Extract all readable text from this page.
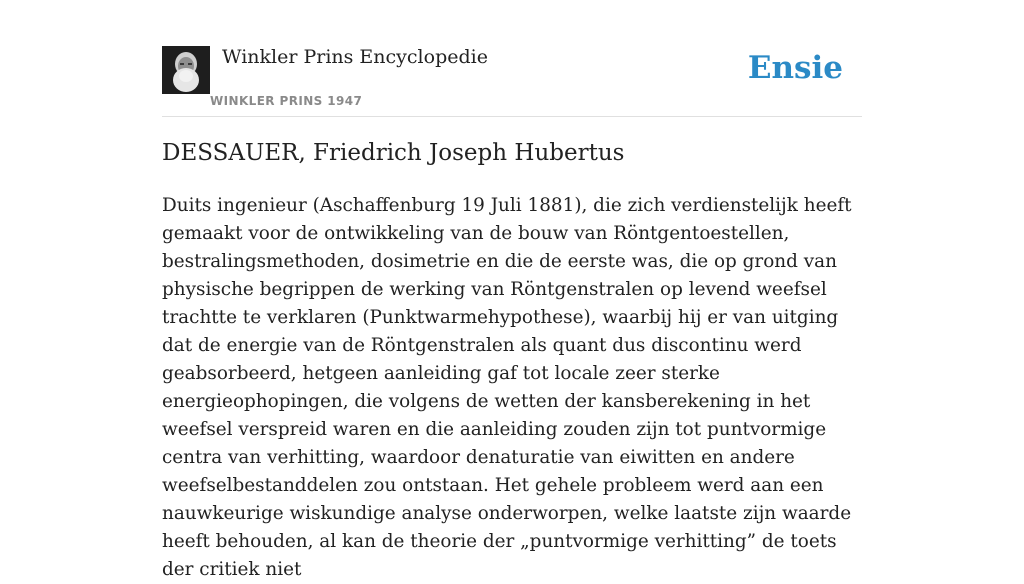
Winkler Prins Encyclopedie
WINKLER PRINS 1947
Ensie
DESSAUER, Friedrich Joseph Hubertus

Duits ingenieur (Aschaffenburg 19 Juli 1881), die zich verdienstelijk heeft gemaakt voor de ontwikkeling van de bouw van Röntgentoestellen, bestralingsmethoden, dosimetrie en die de eerste was, die op grond van physische begrippen de werking van Röntgenstralen op levend weefsel trachtte te verklaren (Punktwarmehypothese), waarbij hij er van uitging dat de energie van de Röntgenstralen als quant dus discontinu werd geabsorbeerd, hetgeen aanleiding gaf tot locale zeer sterke energieophopingen, die volgens de wetten der kansberekening in het weefsel verspreid waren en die aanleiding zouden zijn tot puntvormige centra van verhitting, waardoor denaturatie van eiwitten en andere weefselbestanddelen zou ontstaan. Het gehele probleem werd aan een nauwkeurige wiskundige analyse onderworpen, welke laatste zijn waarde heeft behouden, al kan de theorie der „puntvormige verhitting” de toets der critiek niet
